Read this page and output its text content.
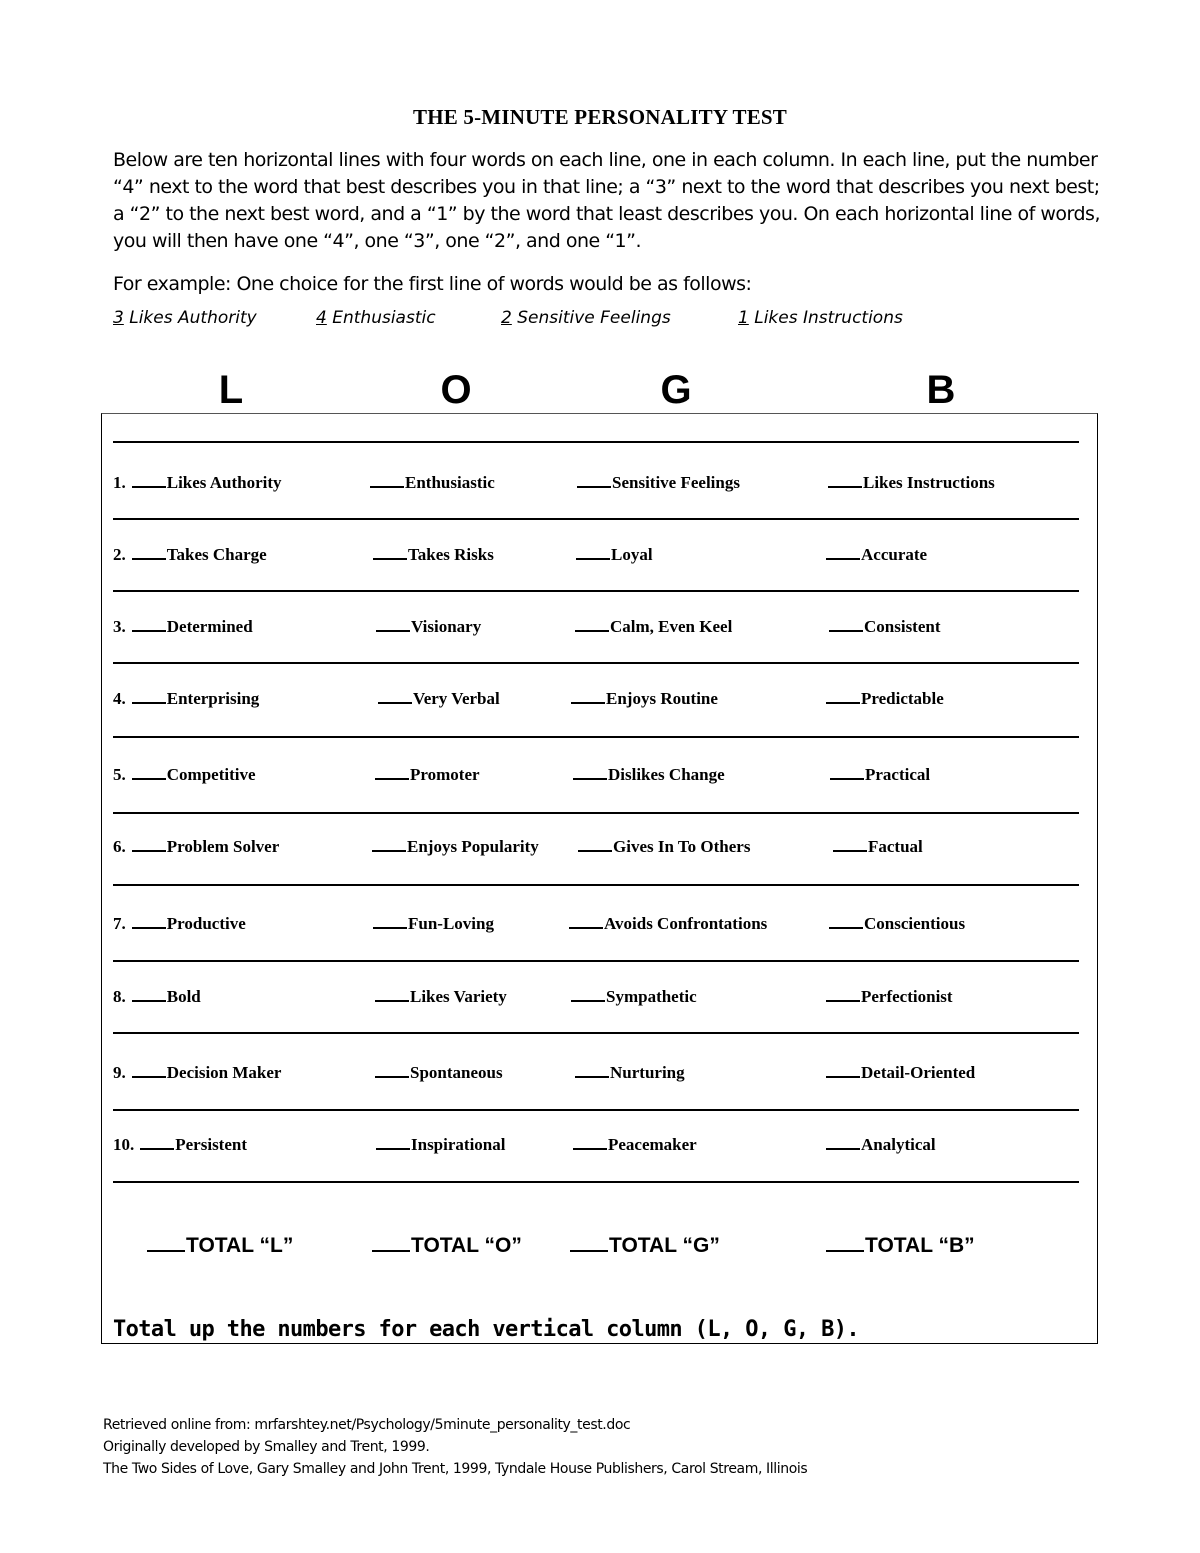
THE 5-MINUTE PERSONALITY TEST

Below are ten horizontal lines with four words on each line, one in each column. In each line, put the number “4” next to the word that best describes you in that line; a “3” next to the word that describes you next best; a “2” to the next best word, and a “1” by the word that least describes you. On each horizontal line of words, you will then have one “4”, one “3”, one “2”, and one “1”.

For example: One choice for the first line of words would be as follows:

3 Likes Authority	4 Enthusiastic	2 Sensitive Feelings	1 Likes Instructions
L	O	G	B
1. Likes Authority	Enthusiastic	Sensitive Feelings	Likes Instructions
2. Takes Charge	Takes Risks	Loyal	Accurate
3. Determined	Visionary	Calm, Even Keel	Consistent
4. Enterprising	Very Verbal	Enjoys Routine	Predictable
5. Competitive	Promoter	Dislikes Change	Practical
6. Problem Solver	Enjoys Popularity	Gives In To Others	Factual
7. Productive	Fun-Loving	Avoids Confrontations	Conscientious
8. Bold	Likes Variety	Sympathetic	Perfectionist
9. Decision Maker	Spontaneous	Nurturing	Detail-Oriented
10. Persistent	Inspirational	Peacemaker	Analytical
TOTAL “L”	TOTAL “O”	TOTAL “G”	TOTAL “B”
Total up the numbers for each vertical column (L, O, G, B).
Retrieved online from: mrfarshtey.net/Psychology/5minute_personality_test.doc
Originally developed by Smalley and Trent, 1999.
The Two Sides of Love, Gary Smalley and John Trent, 1999, Tyndale House Publishers, Carol Stream, Illinois
